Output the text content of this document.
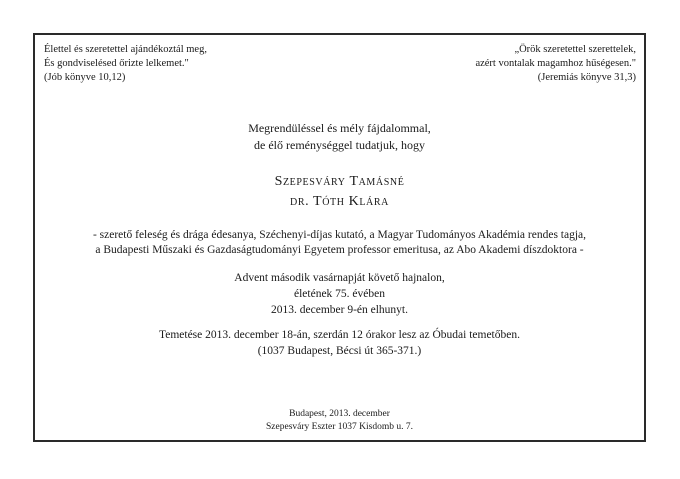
Élettel és szeretettel ajándékoztál meg,
És gondviselésed őrizte lelkemet."
(Jób könyve 10,12)
„Örök szeretettel szerettelek,
azért vontalak magamhoz hűségesen."
(Jeremiás könyve 31,3)
Megrendüléssel és mély fájdalommal,
de élő reménységgel tudatjuk, hogy
Szepesváry Tamásné
dr. Tóth Klára
- szerető feleség és drága édesanya, Széchenyi-díjas kutató, a Magyar Tudományos Akadémia rendes tagja,
a Budapesti Műszaki és Gazdaságtudományi Egyetem professor emeritusa, az Abo Akademi díszdoktora -
Advent második vasárnapját követő hajnalon,
életének 75. évében
2013. december 9-én elhunyt.
Temetése 2013. december 18-án, szerdán 12 órakor lesz az Óbudai temetőben.
(1037 Budapest, Bécsi út 365-371.)
Budapest, 2013. december
Szepesváry Eszter 1037 Kisdomb u. 7.
